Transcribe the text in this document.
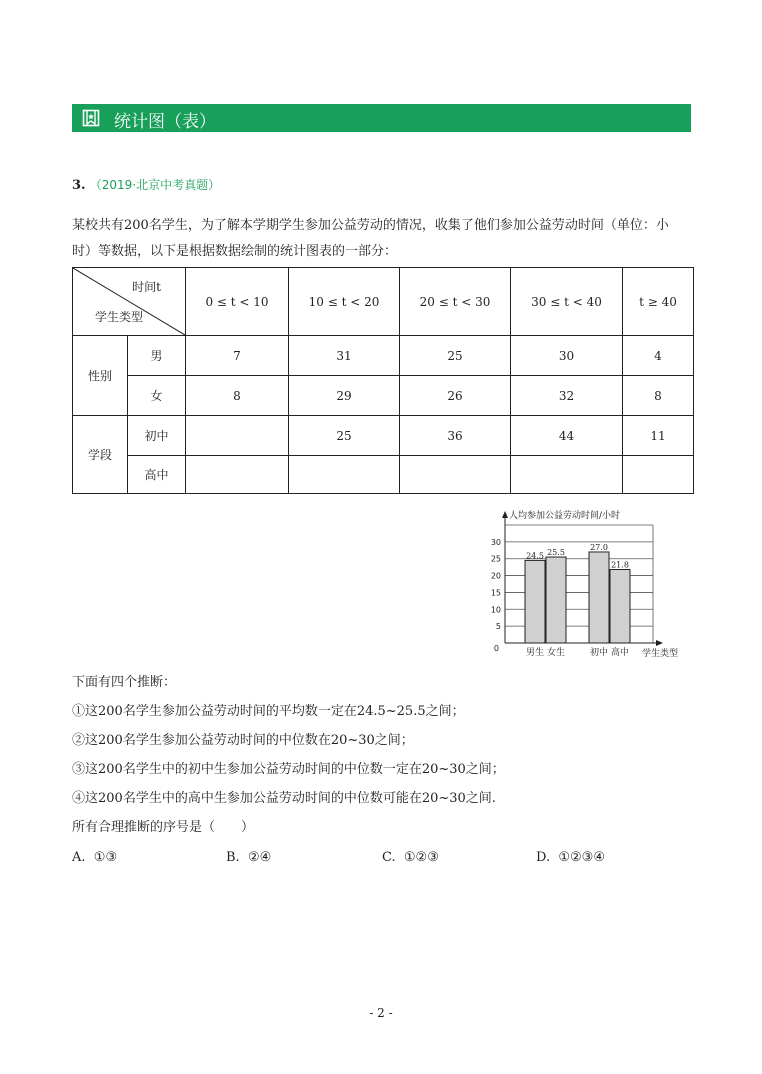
统计图（表）
3. （2019·北京中考真题）
某校共有200名学生，为了解本学期学生参加公益劳动的情况，收集了他们参加公益劳动时间（单位：小
时）等数据，以下是根据数据绘制的统计图表的一部分：
时间t
学生类型		0 ≤ t < 10	10 ≤ t < 20	20 ≤ t < 30	30 ≤ t < 40	t ≥ 40
性别	男	7	31	25	30	4
	女	8	29	26	32	8
学段	初中		25	36	44	11
	高中					
人均参加公益劳动时间/小时
学生类型
0
5
10
15
20
25
30
24.5
男生
25.5
女生
27.0
初中
21.8
高中
下面有四个推断：
①这200名学生参加公益劳动时间的平均数一定在24.5~25.5之间；
②这200名学生参加公益劳动时间的中位数在20~30之间；
③这200名学生中的初中生参加公益劳动时间的中位数一定在20~30之间；
④这200名学生中的高中生参加公益劳动时间的中位数可能在20~30之间.
所有合理推断的序号是（　　）
A. ①③	B. ②④	C. ①②③	D. ①②③④
- 2 -
